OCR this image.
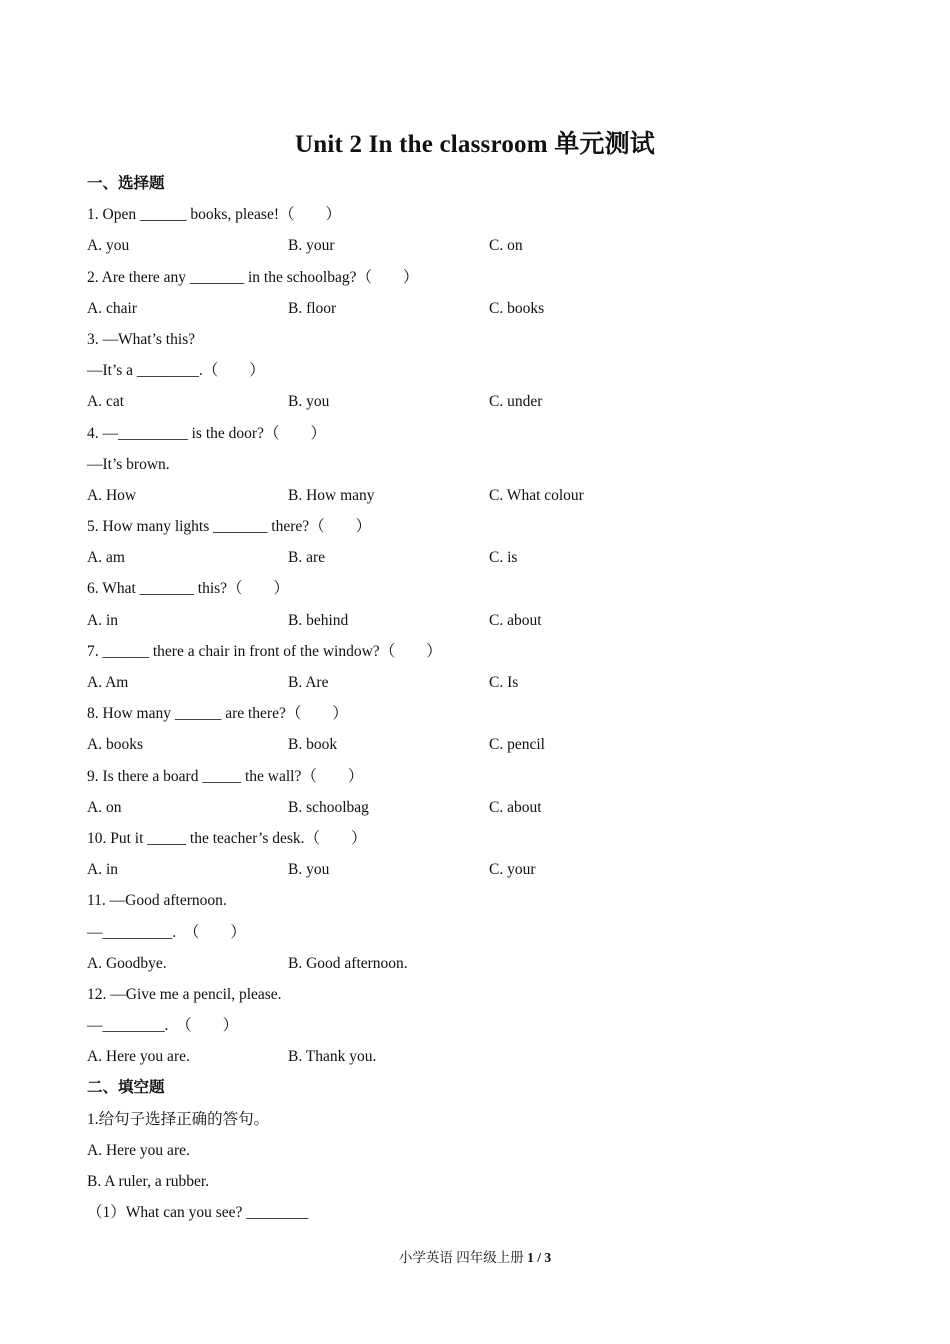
Unit 2 In the classroom 单元测试
一、选择题
1. Open ______ books, please!（        ）
A. you	B. your	C. on
2. Are there any _______ in the schoolbag?（        ）
A. chair	B. floor	C. books
3. —What’s this?
—It’s a ________.（        ）
A. cat	B. you	C. under
4. —_________ is the door?（        ）
—It’s brown.
A. How	B. How many	C. What colour
5. How many lights _______ there?（        ）
A. am	B. are	C. is
6. What _______ this?（        ）
A. in	B. behind	C. about
7. ______ there a chair in front of the window?（        ）
A. Am	B. Are	C. Is
8. How many ______ are there?（        ）
A. books	B. book	C. pencil
9. Is there a board _____ the wall?（        ）
A. on	B. schoolbag	C. about
10. Put it _____ the teacher’s desk.（        ）
A. in	B. you	C. your
11. —Good afternoon.
—_________.  （        ）
A. Goodbye.	B. Good afternoon.
12. —Give me a pencil, please.
—________.  （        ）
A. Here you are.	B. Thank you.
二、填空题
1.给句子选择正确的答句。
A. Here you are.
B. A ruler, a rubber.
（1）What can you see? ________
小学英语 四年级上册 1 / 3
